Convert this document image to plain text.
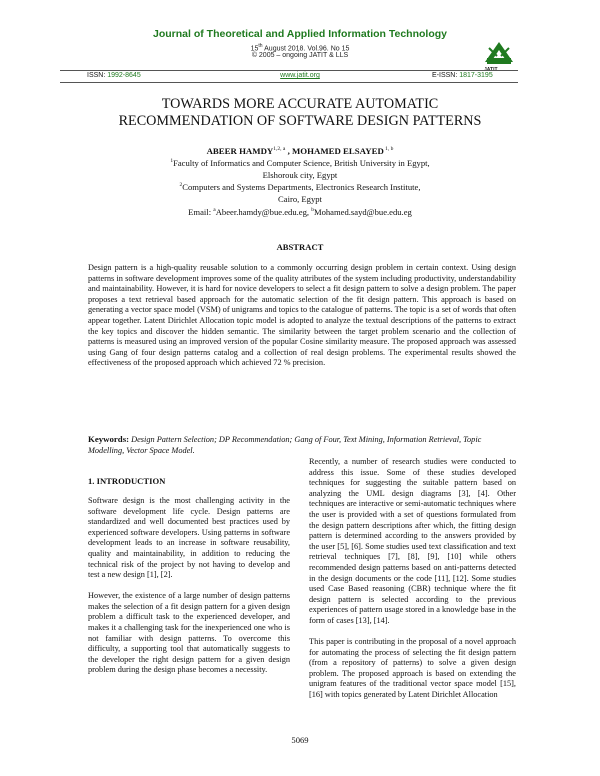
Journal of Theoretical and Applied Information Technology
15th August 2018. Vol.96. No 15
© 2005 – ongoing JATIT & LLS
JATIT
ISSN: 1992-8645	www.jatit.org	E-ISSN: 1817-3195
TOWARDS MORE ACCURATE AUTOMATIC
RECOMMENDATION OF SOFTWARE DESIGN PATTERNS
ABEER HAMDY$^{1,2, a}$ , MOHAMED ELSAYED $^{1, b}$
$^1$Faculty of Informatics and Computer Science, British University in Egypt,
Elshorouk city, Egypt
$^2$Computers and Systems Departments, Electronics Research Institute,
Cairo, Egypt
Email: $^a$Abeer.hamdy@bue.edu.eg, $^b$Mohamed.sayd@bue.edu.eg
ABSTRACT
Design pattern is a high-quality reusable solution to a commonly occurring design problem in certain context. Using design patterns in software development improves some of the quality attributes of the system including productivity, understandability and maintainability. However, it is hard for novice developers to select a fit design pattern to solve a design problem. The paper proposes a text retrieval based approach for the automatic selection of the fit design pattern. This approach is based on generating a vector space model (VSM) of unigrams and topics to the catalogue of patterns. The topic is a set of words that often appear together. Latent Dirichlet Allocation topic model is adopted to analyze the textual descriptions of the patterns to extract the key topics and discover the hidden semantic. The similarity between the target problem scenario and the collection of patterns is measured using an improved version of the popular Cosine similarity measure. The proposed approach was assessed using Gang of four design patterns catalog and a collection of real design problems. The experimental results showed the effectiveness of the proposed approach which achieved 72 % precision.
Keywords: Design Pattern Selection; DP Recommendation; Gang of Four, Text Mining, Information Retrieval, Topic Modelling, Vector Space Model.
1. INTRODUCTION

Software design is the most challenging activity in the software development life cycle. Design patterns are standardized and well documented best practices used by experienced software developers. Using patterns in software development leads to an increase in software reusability, quality and maintainability, in addition to reducing the technical risk of the project by not having to develop and test a new design [1], [2].

However, the existence of a large number of design patterns makes the selection of a fit design pattern for a given design problem a difficult task to the experienced developer, and makes it a challenging task for the inexperienced one who is not familiar with design patterns. To overcome this difficulty, a supporting tool that automatically suggests to the developer the right design pattern for a given design problem during the design phase becomes a necessity.

Recently, a number of research studies were conducted to address this issue. Some of these studies developed techniques for suggesting the suitable pattern based on analyzing the UML design diagrams [3], [4]. Other techniques are interactive or semi-automatic techniques where the user is provided with a set of questions formulated from the design pattern descriptions after which, the fitting design pattern is determined according to the answers provided by the user [5], [6]. Some studies used text classification and text retrieval techniques [7], [8], [9], [10] while others recommended design patterns based on anti-patterns detected in the design documents or the code [11], [12]. Some studies used Case Based reasoning (CBR) technique where the fit design pattern is selected according to the previous experiences of pattern usage stored in a knowledge base in the form of cases [13], [14].

This paper is contributing in the proposal of a novel approach for automating the process of selecting the fit design pattern (from a repository of patterns) to solve a given design problem. The proposed approach is based on extending the unigram features of the traditional vector space model [15], [16] with topics generated by Latent Dirichlet Allocation

5069
